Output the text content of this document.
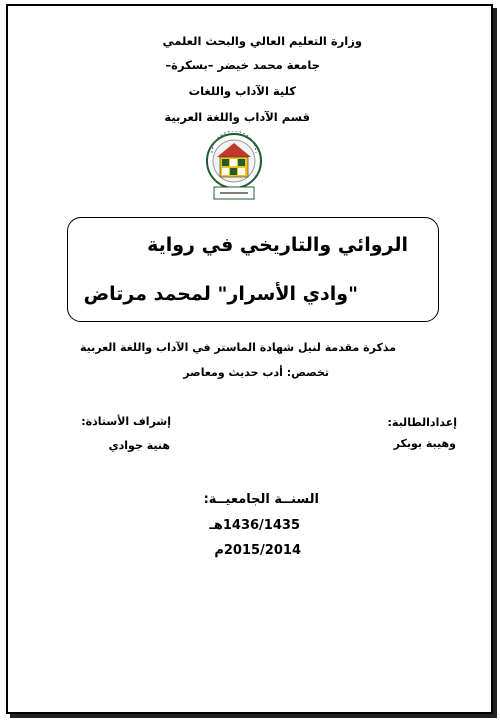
وزارة التعليم العالي والبحث العلمي
جامعة محمد خيضر –بسكرة–
كلية الآداب واللغات
قسم الآداب واللغة العربية
الروائي والتاريخي في رواية
"وادي الأسرار" لمحمد مرتاض
مذكرة مقدمة لنيل شهادة الماستر في الآداب واللغة العربية
تخصص: أدب حديث ومعاصر
إعدادالطالبة:
وهيبة بوبكر
إشراف الأستاذة:
هنية جوادي
السنــة الجامعيــة:
1436/1435هـ
2015/2014م
